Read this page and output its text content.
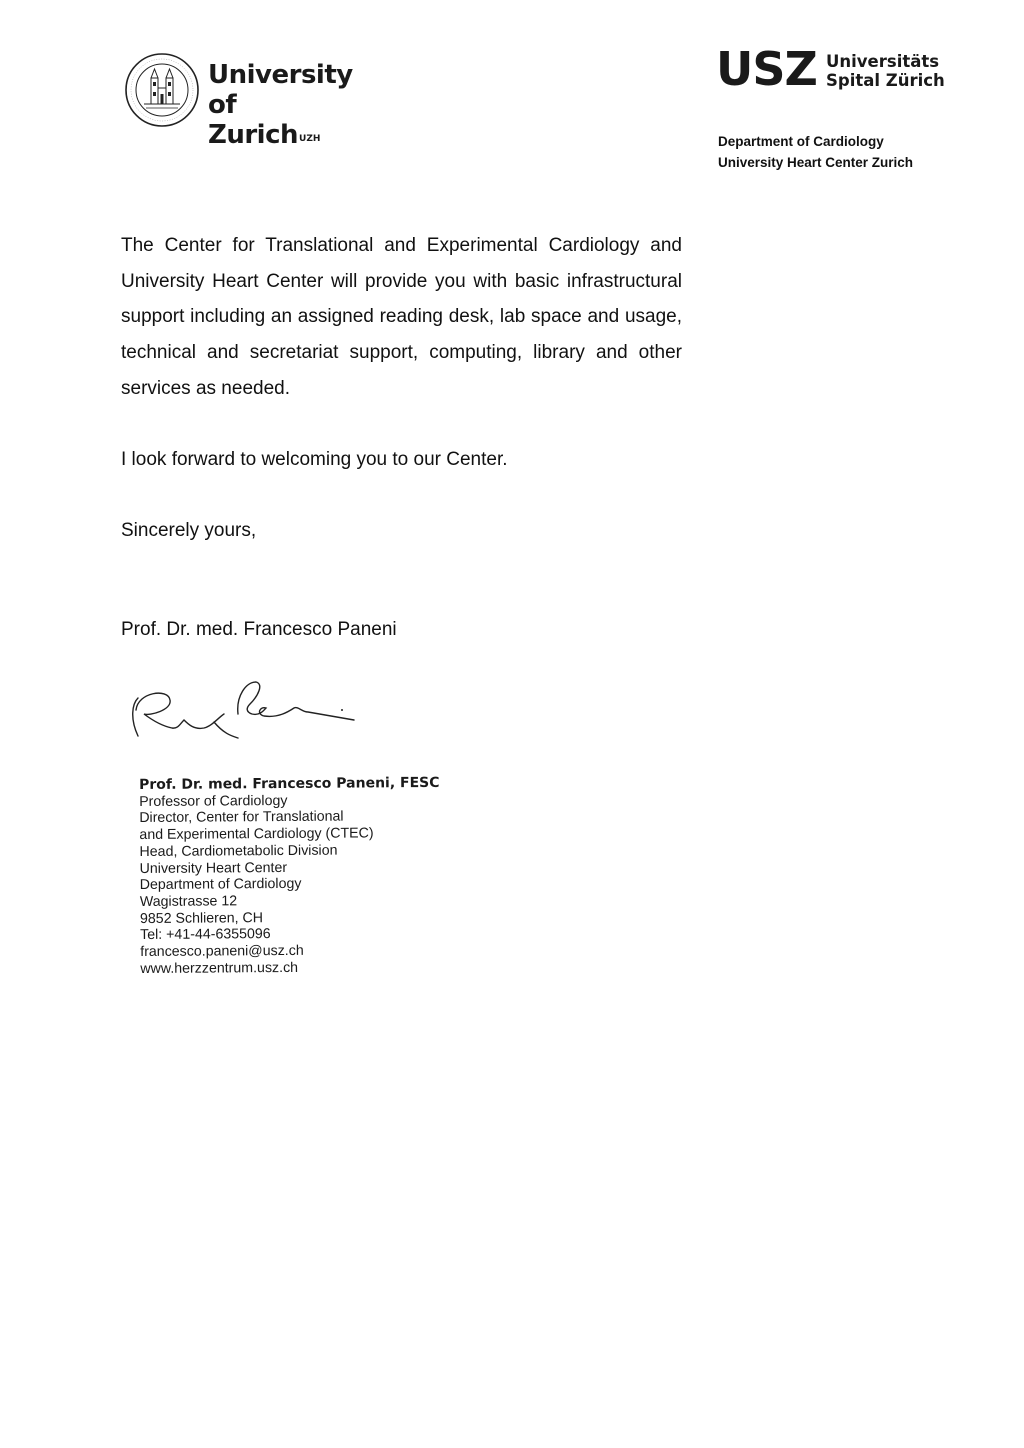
University of
Zurich$^{UZH}$
USZ Universitäts
Spital Zürich
Department of Cardiology
University Heart Center Zurich
The Center for Translational and Experimental Cardiology and University Heart Center will provide you with basic infrastructural support including an assigned reading desk, lab space and usage, technical and secretariat support, computing, library and other services as needed.
I look forward to welcoming you to our Center.
Sincerely yours,
Prof. Dr. med. Francesco Paneni
Prof. Dr. med. Francesco Paneni, FESC
Professor of Cardiology
Director, Center for Translational
and Experimental Cardiology (CTEC)
Head, Cardiometabolic Division
University Heart Center
Department of Cardiology
Wagistrasse 12
9852 Schlieren, CH
Tel: +41-44-6355096
francesco.paneni@usz.ch
www.herzzentrum.usz.ch
